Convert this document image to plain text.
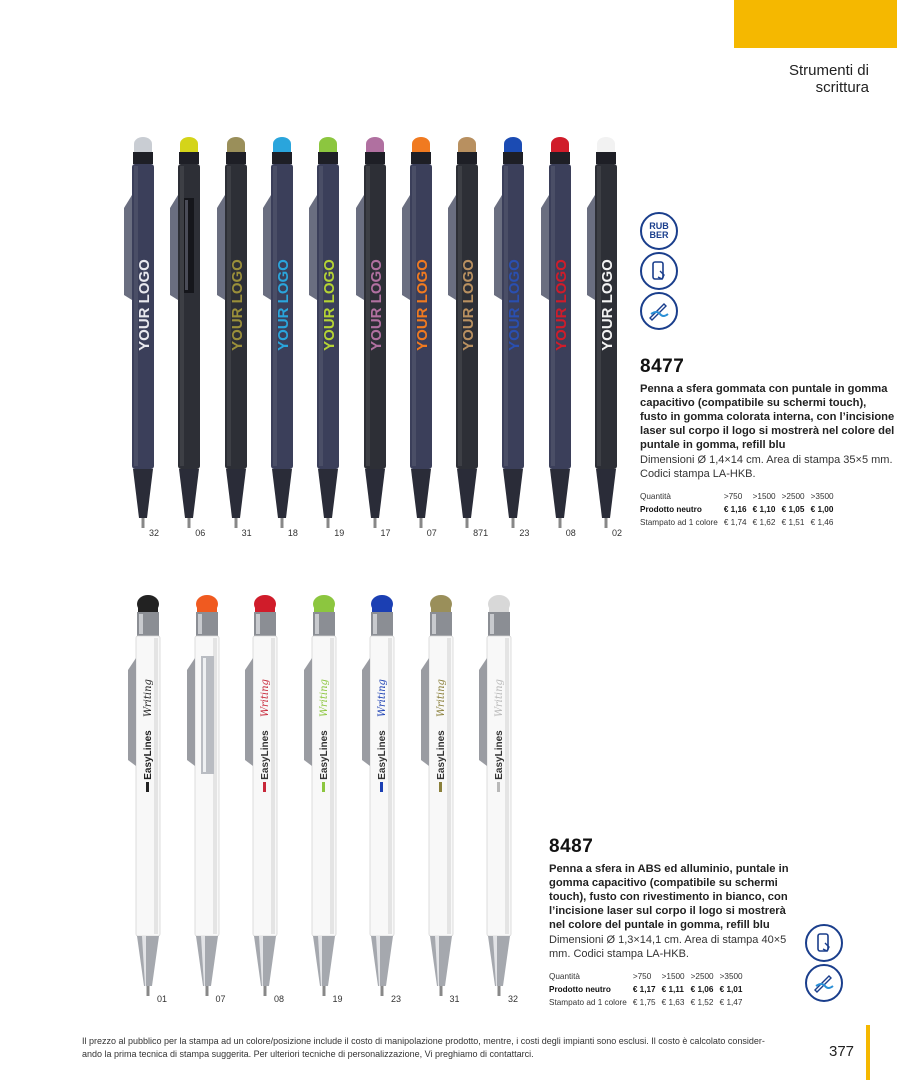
Strumenti di
scrittura
YOUR LOGO
32	06
YOUR LOGO
31
YOUR LOGO
18
YOUR LOGO
19
YOUR LOGO
17
YOUR LOGO
07
YOUR LOGO
871
YOUR LOGO
23
YOUR LOGO
08
YOUR LOGO
02
RUB BER
8477
Penna a sfera gommata con puntale in gomma capacitivo (compatibile su schermi touch), fusto in gomma colorata interna, con l’incisione laser sul corpo il logo si mostrerà nel colore del puntale in gomma, refill blu
Dimensioni Ø 1,4×14 cm. Area di stampa 35×5 mm. Codici stampa LA-HKB.
Quantità	>750	>1500	>2500	>3500
Prodotto neutro	€ 1,16	€ 1,10	€ 1,05	€ 1,00
Stampato ad 1 colore	€ 1,74	€ 1,62	€ 1,51	€ 1,46
EasyLines
Writing
01	07
EasyLines
Writing
08
EasyLines
Writing
19
EasyLines
Writing
23
EasyLines
Writing
31
EasyLines
Writing
32
8487
Penna a sfera in ABS ed alluminio, puntale in gomma capacitivo (compatibile su schermi touch), fusto con rivestimento in bianco, con l’incisione laser sul corpo il logo si mostrerà nel colore del puntale in gomma, refill blu
Dimensioni Ø 1,3×14,1 cm. Area di stampa 40×5 mm. Codici stampa LA-HKB.
Quantità	>750	>1500	>2500	>3500
Prodotto neutro	€ 1,17	€ 1,11	€ 1,06	€ 1,01
Stampato ad 1 colore	€ 1,75	€ 1,63	€ 1,52	€ 1,47
Il prezzo al pubblico per la stampa ad un colore/posizione include il costo di manipolazione prodotto, mentre, i costi degli impianti sono esclusi. Il costo è calcolato consider-
ando la prima tecnica di stampa suggerita. Per ulteriori tecniche di personalizzazione, Vi preghiamo di contattarci.	377
